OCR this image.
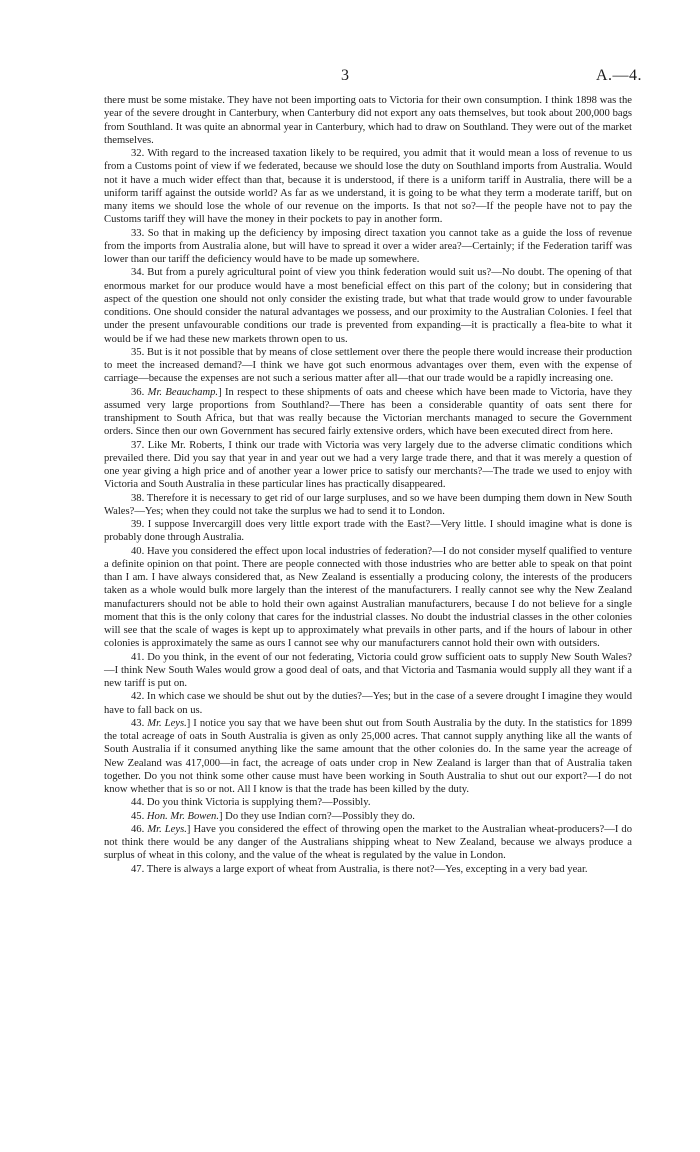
3	A.—4.

there must be some mistake. They have not been importing oats to Victoria for their own consumption. I think 1898 was the year of the severe drought in Canterbury, when Canterbury did not export any oats themselves, but took about 200,000 bags from Southland. It was quite an abnormal year in Canterbury, which had to draw on Southland. They were out of the market themselves.

32. With regard to the increased taxation likely to be required, you admit that it would mean a loss of revenue to us from a Customs point of view if we federated, because we should lose the duty on Southland imports from Australia. Would not it have a much wider effect than that, because it is understood, if there is a uniform tariff in Australia, there will be a uniform tariff against the outside world? As far as we understand, it is going to be what they term a moderate tariff, but on many items we should lose the whole of our revenue on the imports. Is that not so?—If the people have not to pay the Customs tariff they will have the money in their pockets to pay in another form.

33. So that in making up the deficiency by imposing direct taxation you cannot take as a guide the loss of revenue from the imports from Australia alone, but will have to spread it over a wider area?—Certainly; if the Federation tariff was lower than our tariff the deficiency would have to be made up somewhere.

34. But from a purely agricultural point of view you think federation would suit us?—No doubt. The opening of that enormous market for our produce would have a most beneficial effect on this part of the colony; but in considering that aspect of the question one should not only consider the existing trade, but what that trade would grow to under favourable conditions. One should consider the natural advantages we possess, and our proximity to the Australian Colonies. I feel that under the present unfavourable conditions our trade is prevented from expanding—it is practically a flea-bite to what it would be if we had these new markets thrown open to us.

35. But is it not possible that by means of close settlement over there the people there would increase their production to meet the increased demand?—I think we have got such enormous advantages over them, even with the expense of carriage—because the expenses are not such a serious matter after all—that our trade would be a rapidly increasing one.

36. Mr. Beauchamp.] In respect to these shipments of oats and cheese which have been made to Victoria, have they assumed very large proportions from Southland?—There has been a considerable quantity of oats sent there for transhipment to South Africa, but that was really because the Victorian merchants managed to secure the Government orders. Since then our own Government has secured fairly extensive orders, which have been executed direct from here.

37. Like Mr. Roberts, I think our trade with Victoria was very largely due to the adverse climatic conditions which prevailed there. Did you say that year in and year out we had a very large trade there, and that it was merely a question of one year giving a high price and of another year a lower price to satisfy our merchants?—The trade we used to enjoy with Victoria and South Australia in these particular lines has practically disappeared.

38. Therefore it is necessary to get rid of our large surpluses, and so we have been dumping them down in New South Wales?—Yes; when they could not take the surplus we had to send it to London.

39. I suppose Invercargill does very little export trade with the East?—Very little. I should imagine what is done is probably done through Australia.

40. Have you considered the effect upon local industries of federation?—I do not consider myself qualified to venture a definite opinion on that point. There are people connected with those industries who are better able to speak on that point than I am. I have always considered that, as New Zealand is essentially a producing colony, the interests of the producers taken as a whole would bulk more largely than the interest of the manufacturers. I really cannot see why the New Zealand manufacturers should not be able to hold their own against Australian manufacturers, because I do not believe for a single moment that this is the only colony that cares for the industrial classes. No doubt the industrial classes in the other colonies will see that the scale of wages is kept up to approximately what prevails in other parts, and if the hours of labour in other colonies is approximately the same as ours I cannot see why our manufacturers cannot hold their own with outsiders.

41. Do you think, in the event of our not federating, Victoria could grow sufficient oats to supply New South Wales?—I think New South Wales would grow a good deal of oats, and that Victoria and Tasmania would supply all they want if a new tariff is put on.

42. In which case we should be shut out by the duties?—Yes; but in the case of a severe drought I imagine they would have to fall back on us.

43. Mr. Leys.] I notice you say that we have been shut out from South Australia by the duty. In the statistics for 1899 the total acreage of oats in South Australia is given as only 25,000 acres. That cannot supply anything like all the wants of South Australia if it consumed anything like the same amount that the other colonies do. In the same year the acreage of New Zealand was 417,000—in fact, the acreage of oats under crop in New Zealand is larger than that of Australia taken together. Do you not think some other cause must have been working in South Australia to shut out our export?—I do not know whether that is so or not. All I know is that the trade has been killed by the duty.

44. Do you think Victoria is supplying them?—Possibly.

45. Hon. Mr. Bowen.] Do they use Indian corn?—Possibly they do.

46. Mr. Leys.] Have you considered the effect of throwing open the market to the Australian wheat-producers?—I do not think there would be any danger of the Australians shipping wheat to New Zealand, because we always produce a surplus of wheat in this colony, and the value of the wheat is regulated by the value in London.

47. There is always a large export of wheat from Australia, is there not?—Yes, excepting in a very bad year.
